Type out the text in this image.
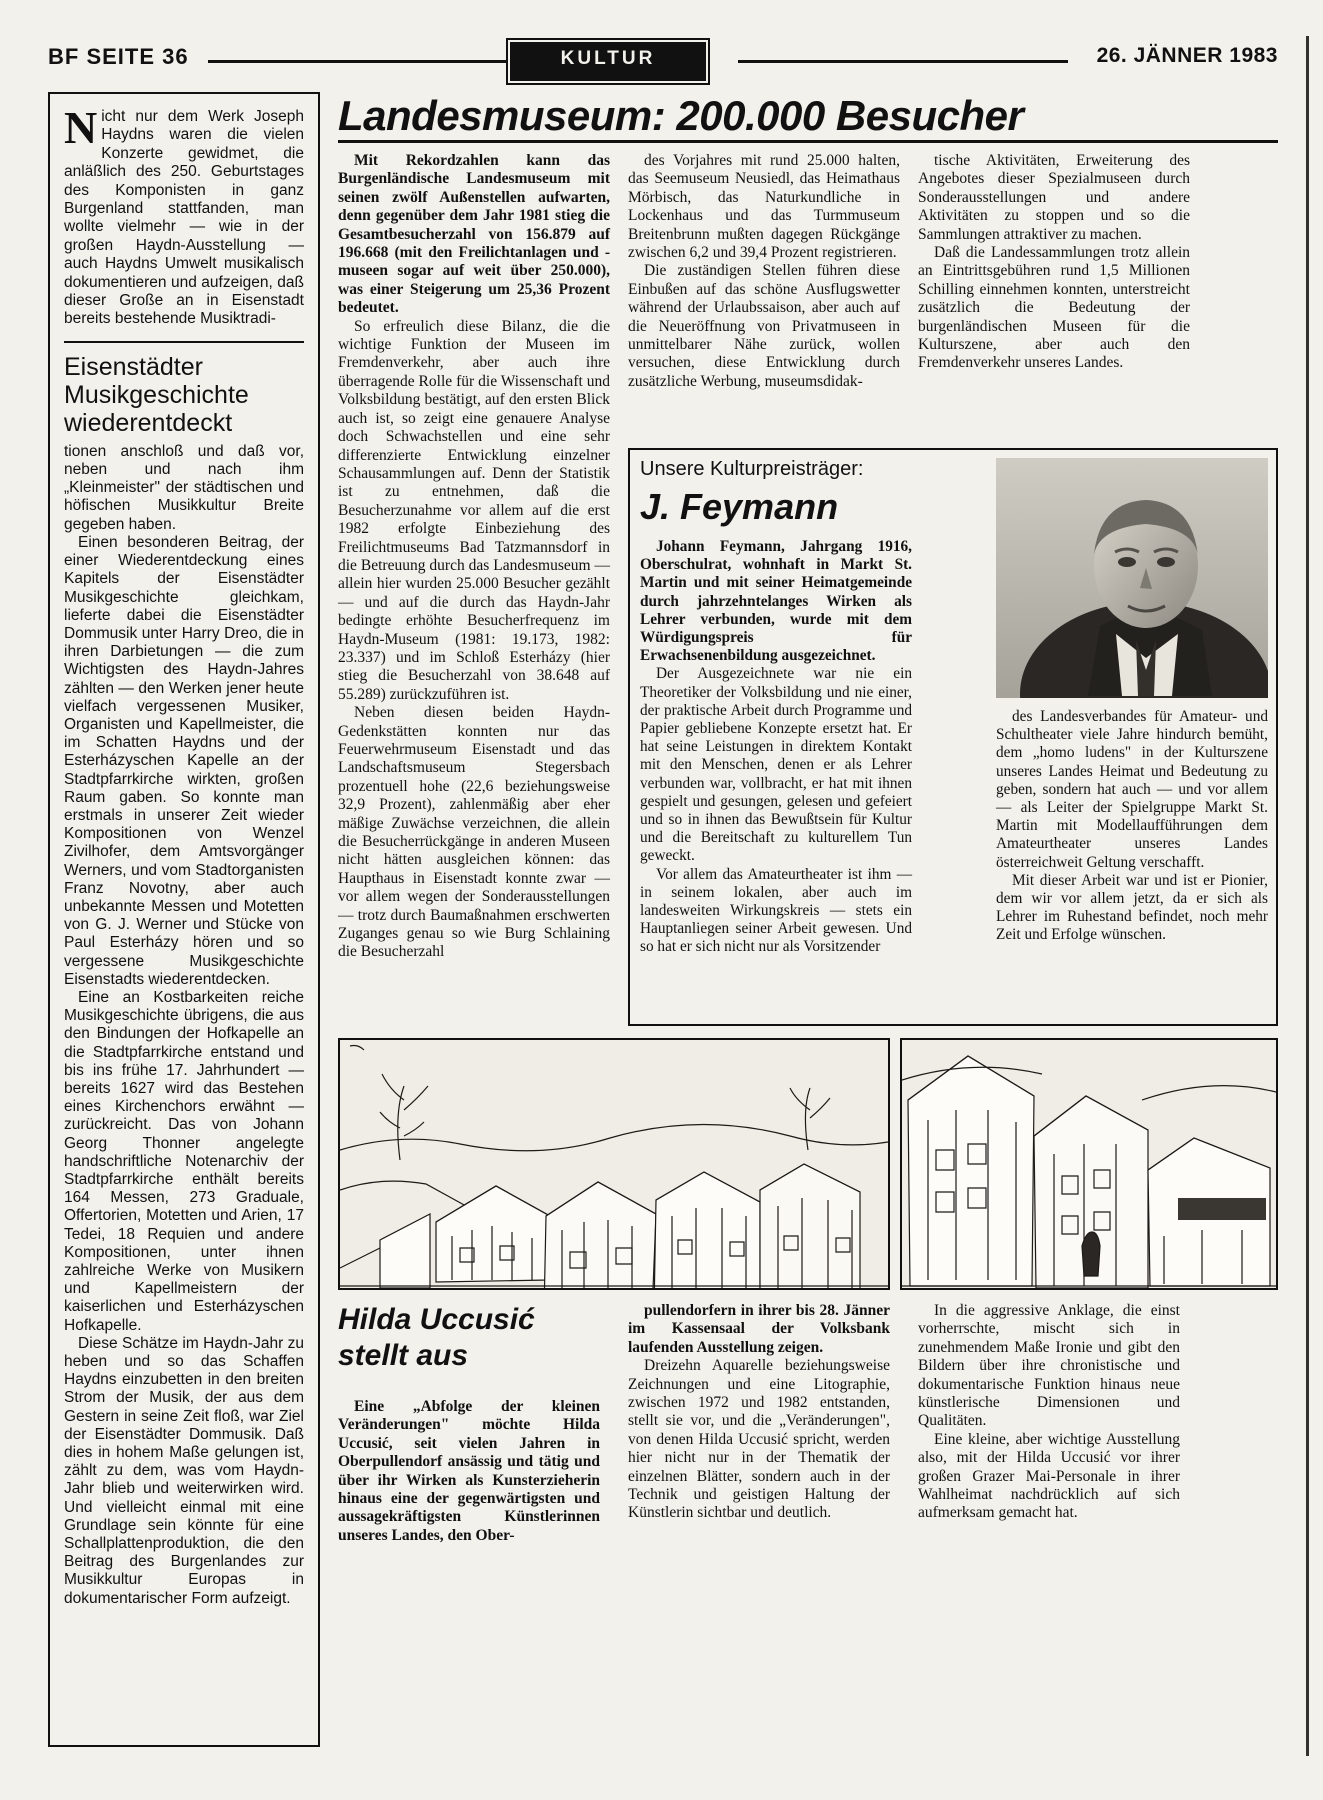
BF SEITE 36	KULTUR	26. JÄNNER 1983
Nicht nur dem Werk Joseph Haydns waren die vielen Konzerte gewidmet, die anläßlich des 250. Geburtstages des Komponisten in ganz Burgenland stattfanden, man wollte vielmehr — wie in der großen Haydn-Ausstellung — auch Haydns Umwelt musikalisch dokumentieren und aufzeigen, daß dieser Große an in Eisenstadt bereits bestehende Musiktradi-
Eisenstädter Musikgeschichte wiederentdeckt

tionen anschloß und daß vor, neben und nach ihm „Kleinmeister" der städtischen und höfischen Musikkultur Breite gegeben haben.

Einen besonderen Beitrag, der einer Wiederentdeckung eines Kapitels der Eisenstädter Musikgeschichte gleichkam, lieferte dabei die Eisenstädter Dommusik unter Harry Dreo, die in ihren Darbietungen — die zum Wichtigsten des Haydn-Jahres zählten — den Werken jener heute vielfach vergessenen Musiker, Organisten und Kapellmeister, die im Schatten Haydns und der Esterházyschen Kapelle an der Stadtpfarrkirche wirkten, großen Raum gaben. So konnte man erstmals in unserer Zeit wieder Kompositionen von Wenzel Zivilhofer, dem Amtsvorgänger Werners, und vom Stadtorganisten Franz Novotny, aber auch unbekannte Messen und Motetten von G. J. Werner und Stücke von Paul Esterházy hören und so vergessene Musikgeschichte Eisenstadts wiederentdecken.

Eine an Kostbarkeiten reiche Musikgeschichte übrigens, die aus den Bindungen der Hofkapelle an die Stadtpfarrkirche entstand und bis ins frühe 17. Jahrhundert — bereits 1627 wird das Bestehen eines Kirchenchors erwähnt — zurückreicht. Das von Johann Georg Thonner angelegte handschriftliche Notenarchiv der Stadtpfarrkirche enthält bereits 164 Messen, 273 Graduale, Offertorien, Motetten und Arien, 17 Tedei, 18 Requien und andere Kompositionen, unter ihnen zahlreiche Werke von Musikern und Kapellmeistern der kaiserlichen und Esterházyschen Hofkapelle.

Diese Schätze im Haydn-Jahr zu heben und so das Schaffen Haydns einzubetten in den breiten Strom der Musik, der aus dem Gestern in seine Zeit floß, war Ziel der Eisenstädter Dommusik. Daß dies in hohem Maße gelungen ist, zählt zu dem, was vom Haydn-Jahr blieb und weiterwirken wird. Und vielleicht einmal mit eine Grundlage sein könnte für eine Schallplattenproduktion, die den Beitrag des Burgenlandes zur Musikkultur Europas in dokumentarischer Form aufzeigt.

Landesmuseum: 200.000 Besucher

Mit Rekordzahlen kann das Burgenländische Landesmuseum mit seinen zwölf Außenstellen aufwarten, denn gegenüber dem Jahr 1981 stieg die Gesamtbesucherzahl von 156.879 auf 196.668 (mit den Freilichtanlagen und -museen sogar auf weit über 250.000), was einer Steigerung um 25,36 Prozent bedeutet.

So erfreulich diese Bilanz, die die wichtige Funktion der Museen im Fremdenverkehr, aber auch ihre überragende Rolle für die Wissenschaft und Volksbildung bestätigt, auf den ersten Blick auch ist, so zeigt eine genauere Analyse doch Schwachstellen und eine sehr differenzierte Entwicklung einzelner Schausammlungen auf. Denn der Statistik ist zu entnehmen, daß die Besucherzunahme vor allem auf die erst 1982 erfolgte Einbeziehung des Freilichtmuseums Bad Tatzmannsdorf in die Betreuung durch das Landesmuseum — allein hier wurden 25.000 Besucher gezählt — und auf die durch das Haydn-Jahr bedingte erhöhte Besucherfrequenz im Haydn-Museum (1981: 19.173, 1982: 23.337) und im Schloß Esterházy (hier stieg die Besucherzahl von 38.648 auf 55.289) zurückzuführen ist.

Neben diesen beiden Haydn-Gedenkstätten konnten nur das Feuerwehrmuseum Eisenstadt und das Landschaftsmuseum Stegersbach prozentuell hohe (22,6 beziehungsweise 32,9 Prozent), zahlenmäßig aber eher mäßige Zuwächse verzeichnen, die allein die Besucherrückgänge in anderen Museen nicht hätten ausgleichen können: das Haupthaus in Eisenstadt konnte zwar — vor allem wegen der Sonderausstellungen — trotz durch Baumaßnahmen erschwerten Zuganges genau so wie Burg Schlaining die Besucherzahl

des Vorjahres mit rund 25.000 halten, das Seemuseum Neusiedl, das Heimathaus Mörbisch, das Naturkundliche in Lockenhaus und das Turmmuseum Breitenbrunn mußten dagegen Rückgänge zwischen 6,2 und 39,4 Prozent registrieren.

Die zuständigen Stellen führen diese Einbußen auf das schöne Ausflugswetter während der Urlaubssaison, aber auch auf die Neueröffnung von Privatmuseen in unmittelbarer Nähe zurück, wollen versuchen, diese Entwicklung durch zusätzliche Werbung, museumsdidak-

tische Aktivitäten, Erweiterung des Angebotes dieser Spezialmuseen durch Sonderausstellungen und andere Aktivitäten zu stoppen und so die Sammlungen attraktiver zu machen.

Daß die Landessammlungen trotz allein an Eintrittsgebühren rund 1,5 Millionen Schilling einnehmen konnten, unterstreicht zusätzlich die Bedeutung der burgenländischen Museen für die Kulturszene, aber auch den Fremdenverkehr unseres Landes.

Unsere Kulturpreisträger:
J. Feymann

Johann Feymann, Jahrgang 1916, Oberschulrat, wohnhaft in Markt St. Martin und mit seiner Heimatgemeinde durch jahrzehntelanges Wirken als Lehrer verbunden, wurde mit dem Würdigungspreis für Erwachsenenbildung ausgezeichnet.

Der Ausgezeichnete war nie ein Theoretiker der Volksbildung und nie einer, der praktische Arbeit durch Programme und Papier gebliebene Konzepte ersetzt hat. Er hat seine Leistungen in direktem Kontakt mit den Menschen, denen er als Lehrer verbunden war, vollbracht, er hat mit ihnen gespielt und gesungen, gelesen und gefeiert und so in ihnen das Bewußtsein für Kultur und die Bereitschaft zu kulturellem Tun geweckt.

Vor allem das Amateurtheater ist ihm — in seinem lokalen, aber auch im landesweiten Wirkungskreis — stets ein Hauptanliegen seiner Arbeit gewesen. Und so hat er sich nicht nur als Vorsitzender

des Landesverbandes für Amateur- und Schultheater viele Jahre hindurch bemüht, dem „homo ludens" in der Kulturszene unseres Landes Heimat und Bedeutung zu geben, sondern hat auch — und vor allem — als Leiter der Spielgruppe Markt St. Martin mit Modellaufführungen dem Amateurtheater unseres Landes österreichweit Geltung verschafft.

Mit dieser Arbeit war und ist er Pionier, dem wir vor allem jetzt, da er sich als Lehrer im Ruhestand befindet, noch mehr Zeit und Erfolge wünschen.

Hilda Uccusić stellt aus

Eine „Abfolge der kleinen Veränderungen" möchte Hilda Uccusić, seit vielen Jahren in Oberpullendorf ansässig und tätig und über ihr Wirken als Kunsterzieherin hinaus eine der gegenwärtigsten und aussagekräftigsten Künstlerinnen unseres Landes, den Ober-

pullendorfern in ihrer bis 28. Jänner im Kassensaal der Volksbank laufenden Ausstellung zeigen.

Dreizehn Aquarelle beziehungsweise Zeichnungen und eine Litographie, zwischen 1972 und 1982 entstanden, stellt sie vor, und die „Veränderungen", von denen Hilda Uccusić spricht, werden hier nicht nur in der Thematik der einzelnen Blätter, sondern auch in der Technik und geistigen Haltung der Künstlerin sichtbar und deutlich.

In die aggressive Anklage, die einst vorherrschte, mischt sich in zunehmendem Maße Ironie und gibt den Bildern über ihre chronistische und dokumentarische Funktion hinaus neue künstlerische Dimensionen und Qualitäten.

Eine kleine, aber wichtige Ausstellung also, mit der Hilda Uccusić vor ihrer großen Grazer Mai-Personale in ihrer Wahlheimat nachdrücklich auf sich aufmerksam gemacht hat.
